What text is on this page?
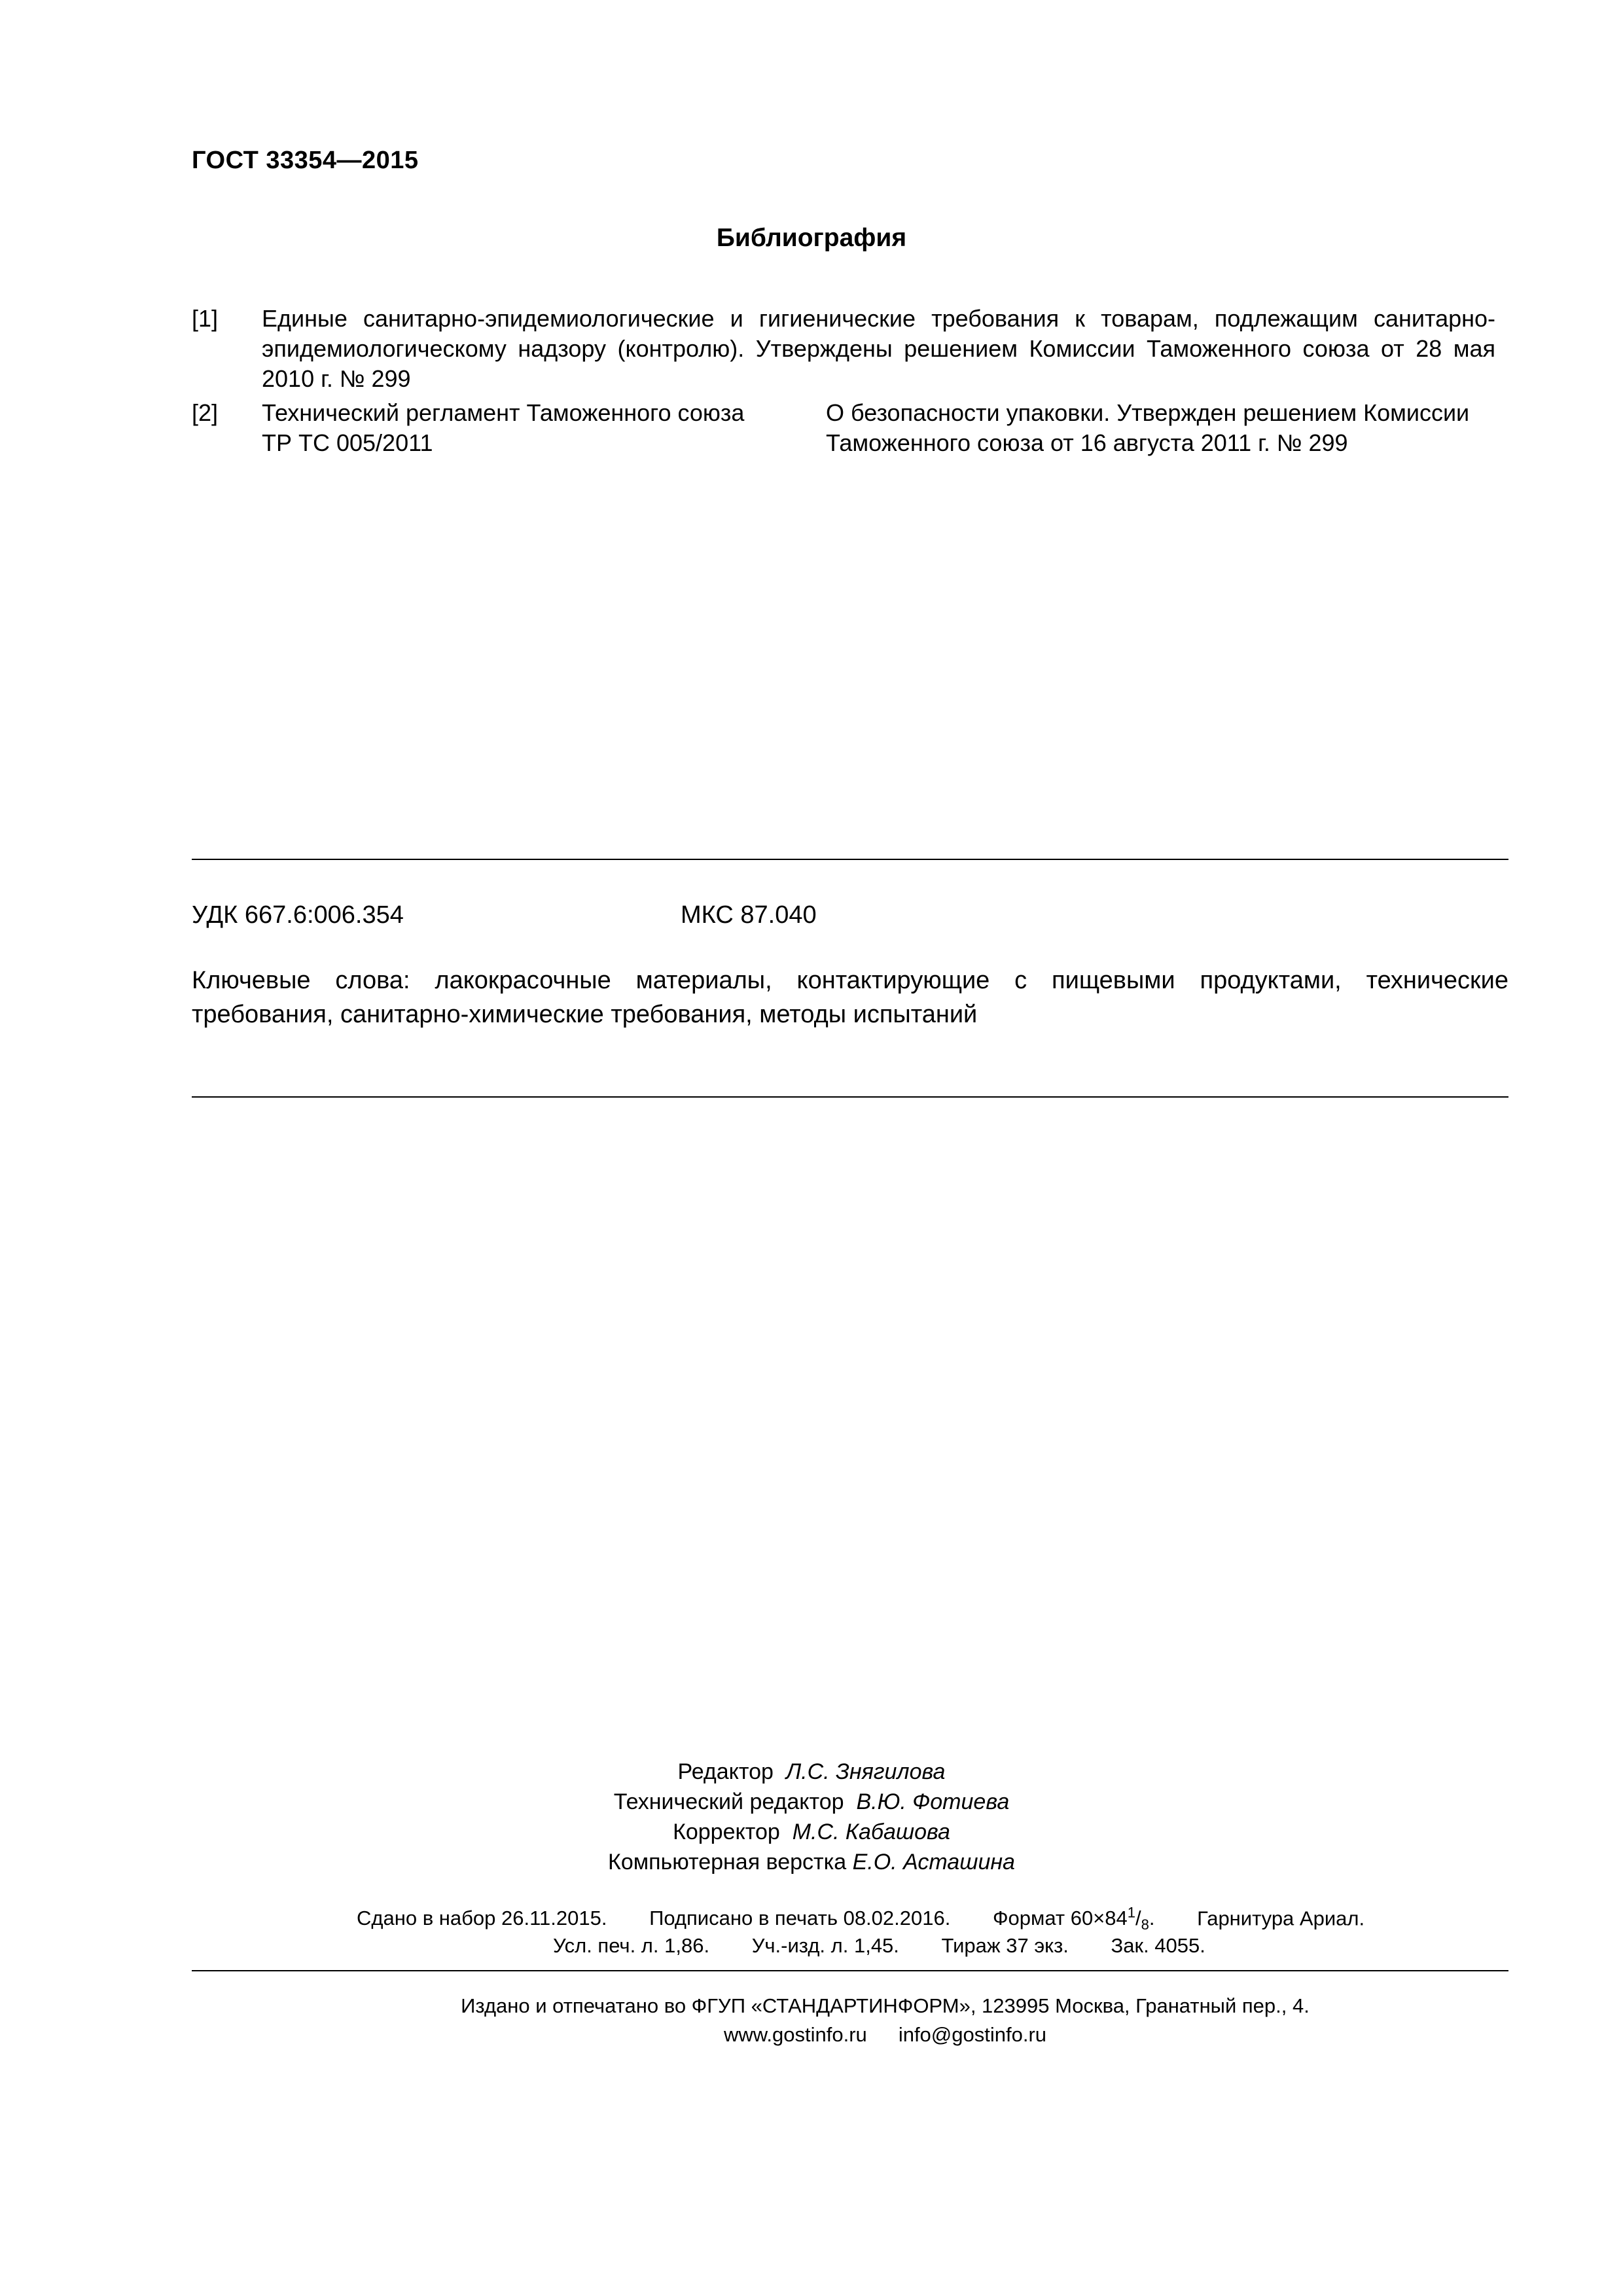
ГОСТ 33354—2015
Библиография
[1] Единые санитарно-эпидемиологические и гигиенические требования к товарам, подлежащим санитарно-эпидемиологическому надзору (контролю). Утверждены решением Комиссии Таможенного союза от 28 мая 2010 г. № 299
[2] Технический регламент Таможенного союза
ТР ТС 005/2011
О безопасности упаковки. Утвержден решением Комиссии
Таможенного союза от 16 августа 2011 г. № 299
УДК 667.6:006.354	МКС 87.040
Ключевые слова: лакокрасочные материалы, контактирующие с пищевыми продуктами, технические требования, санитарно-химические требования, методы испытаний
Редактор Л.С. Знягилова
Технический редактор В.Ю. Фотиева
Корректор М.С. Кабашова
Компьютерная верстка Е.О. Асташина
Сдано в набор 26.11.2015. Подписано в печать 08.02.2016. Формат $60\times 84^1/_8$. Гарнитура Ариал.
Усл. печ. л. 1,86. Уч.-изд. л. 1,45. Тираж 37 экз. Зак. 4055.
Издано и отпечатано во ФГУП «СТАНДАРТИНФОРМ», 123995 Москва, Гранатный пер., 4.
www.gostinfo.ru info@gostinfo.ru
